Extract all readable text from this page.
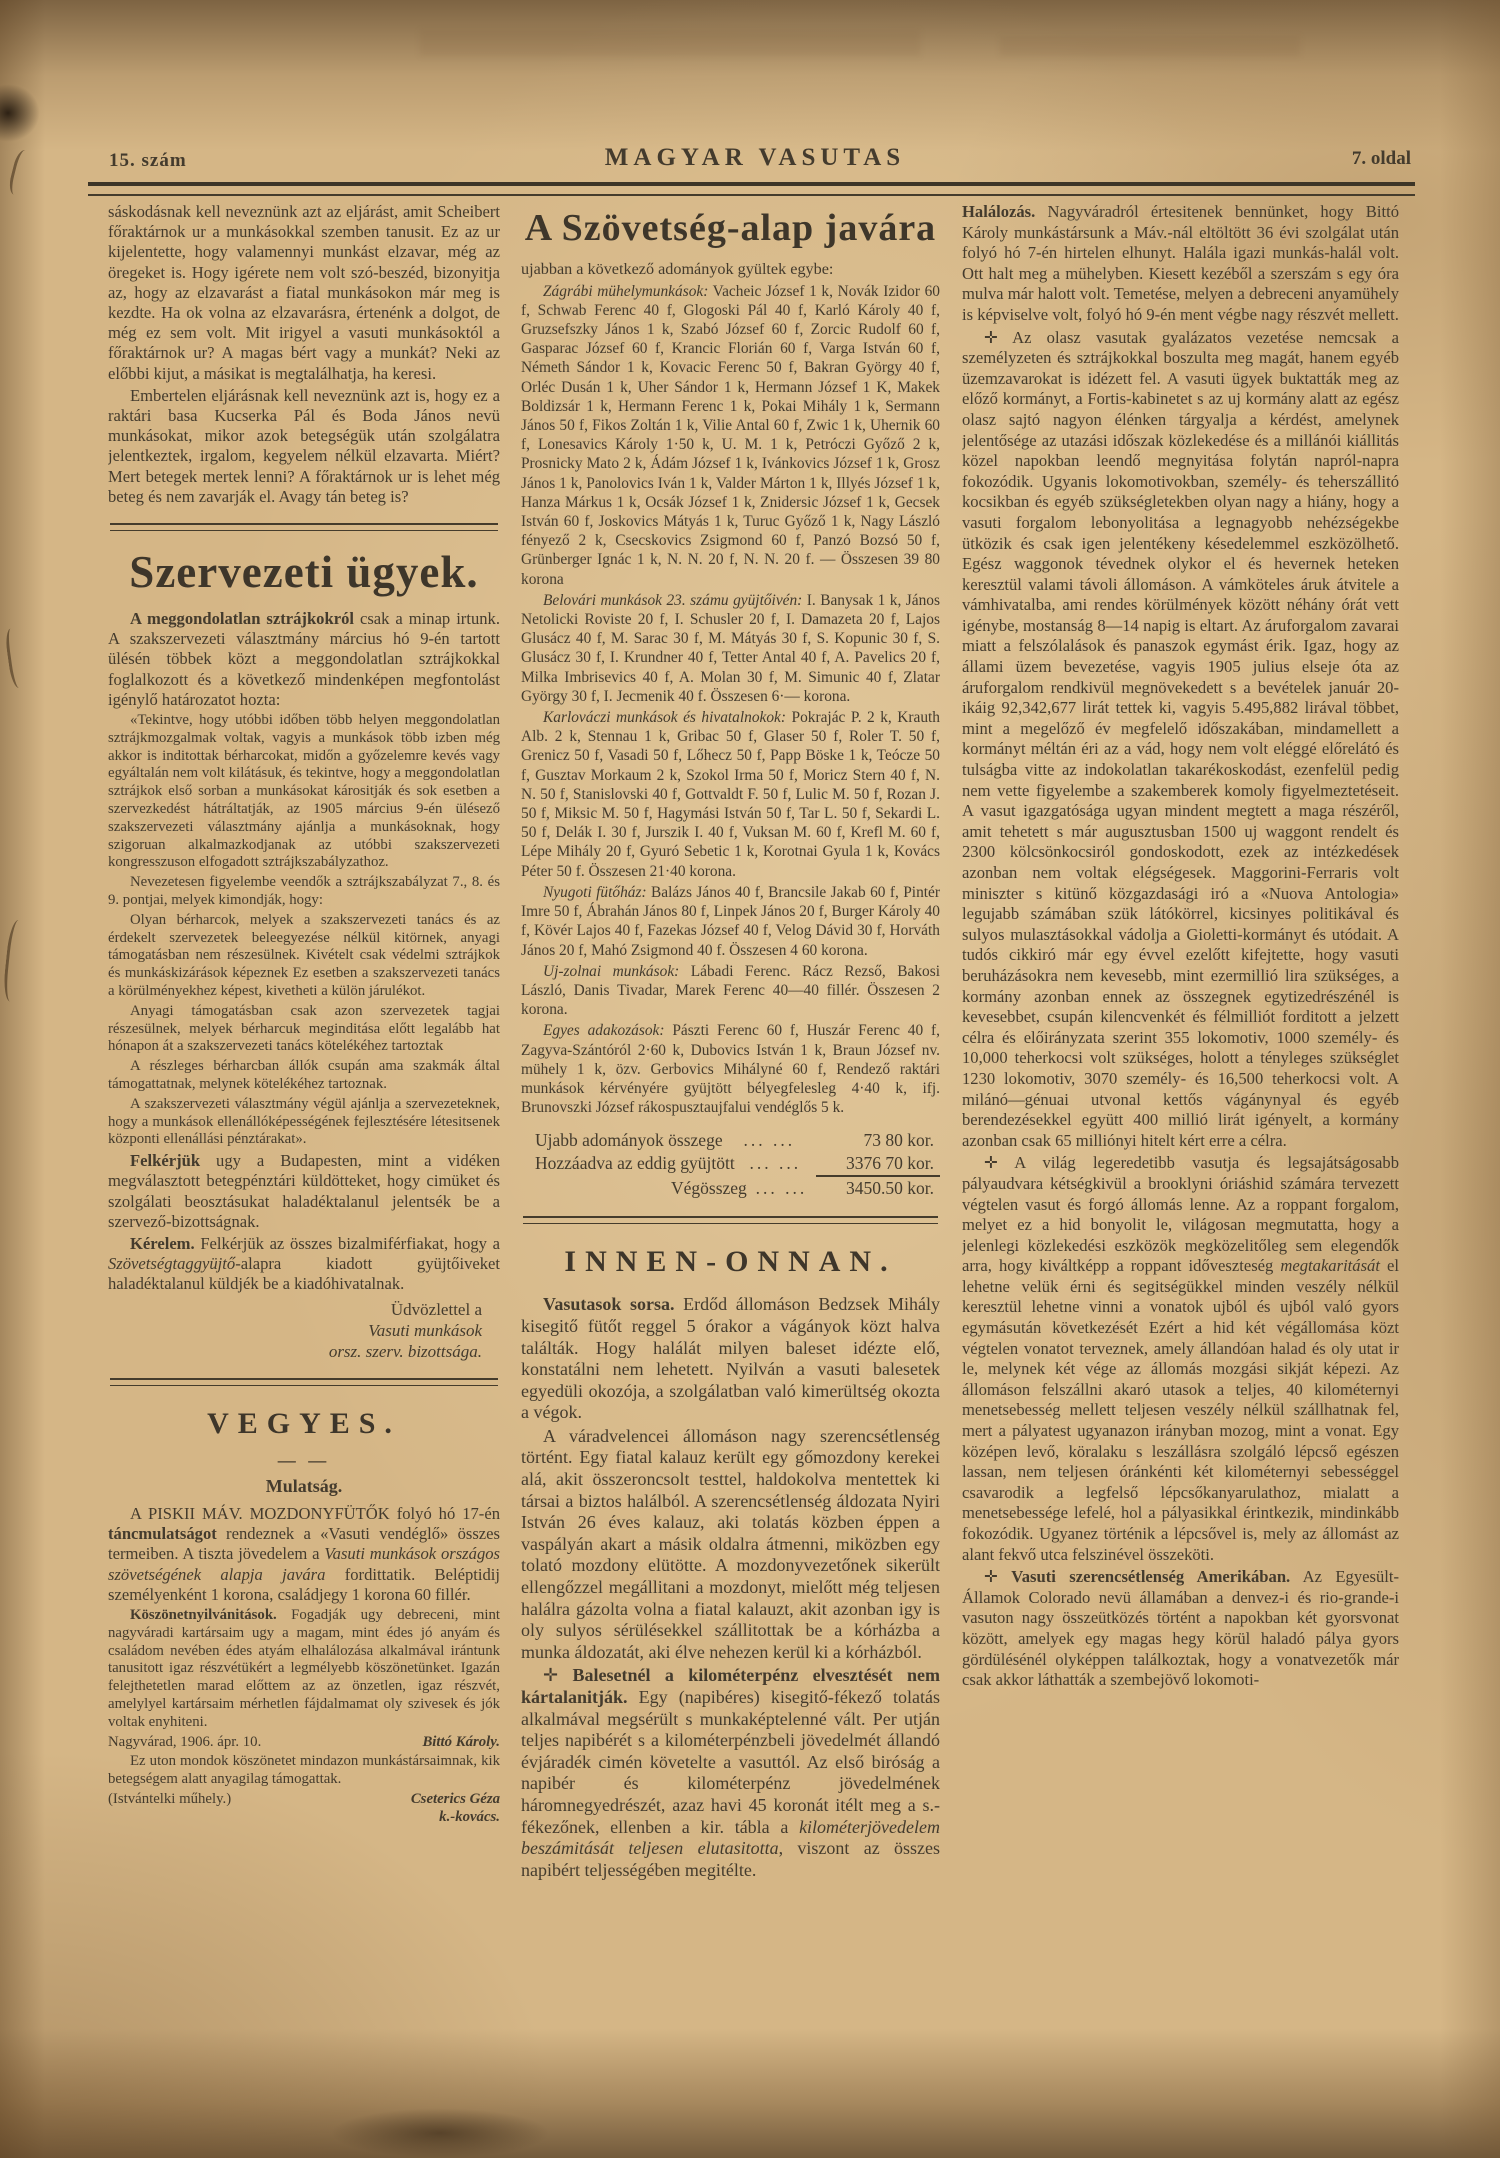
15. szám	MAGYAR VASUTAS	7. oldal

sáskodásnak kell neveznünk azt az eljárást, amit Scheibert főraktárnok ur a munkásokkal szemben tanusit. Ez az ur kijelentette, hogy valamennyi munkást elzavar, még az öregeket is. Hogy igérete nem volt szó-beszéd, bizonyitja az, hogy az elzavarást a fiatal munkásokon már meg is kezdte. Ha ok volna az elzavarásra, értenénk a dolgot, de még ez sem volt. Mit irigyel a vasuti munkásoktól a főraktárnok ur? A magas bért vagy a munkát? Neki az előbbi kijut, a másikat is megtalálhatja, ha keresi.

Embertelen eljárásnak kell neveznünk azt is, hogy ez a raktári basa Kucserka Pál és Boda János nevü munkásokat, mikor azok betegségük után szolgálatra jelentkeztek, irgalom, kegyelem nélkül elzavarta. Miért? Mert betegek mertek lenni? A főraktárnok ur is lehet még beteg és nem zavarják el. Avagy tán beteg is?

Szervezeti ügyek.

A meggondolatlan sztrájkokról csak a minap irtunk. A szakszervezeti választmány március hó 9-én tartott ülésén többek közt a meggondolatlan sztrájkokkal foglalkozott és a következő mindenképen megfontolást igénylő határozatot hozta:

«Tekintve, hogy utóbbi időben több helyen meggondolatlan sztrájkmozgalmak voltak, vagyis a munkások több izben még akkor is inditottak bérharcokat, midőn a győzelemre kevés vagy egyáltalán nem volt kilátásuk, és tekintve, hogy a meggondolatlan sztrájkok első sorban a munkásokat kárositják és sok esetben a szervezkedést hátráltatják, az 1905 március 9-én ülésező szakszervezeti választmány ajánlja a munkásoknak, hogy szigoruan alkalmazkodjanak az utóbbi szakszervezeti kongresszuson elfogadott sztrájkszabályzathoz.

Nevezetesen figyelembe veendők a sztrájkszabályzat 7., 8. és 9. pontjai, melyek kimondják, hogy:

Olyan bérharcok, melyek a szakszervezeti tanács és az érdekelt szervezetek beleegyezése nélkül kitörnek, anyagi támogatásban nem részesülnek. Kivételt csak védelmi sztrájkok és munkáskizárások képeznek Ez esetben a szakszervezeti tanács a körülményekhez képest, kivetheti a külön járulékot.

Anyagi támogatásban csak azon szervezetek tagjai részesülnek, melyek bérharcuk meginditása előtt legalább hat hónapon át a szakszervezeti tanács kötelékéhez tartoztak

A részleges bérharcban állók csupán ama szakmák által támogattatnak, melynek kötelékéhez tartoznak.

A szakszervezeti választmány végül ajánlja a szervezeteknek, hogy a munkások ellenállóképességének fejlesztésére létesitsenek központi ellenállási pénztárakat».

Felkérjük ugy a Budapesten, mint a vidéken megválasztott betegpénztári küldötteket, hogy cimüket és szolgálati beosztásukat haladéktalanul jelentsék be a szervező-bizottságnak.

Kérelem. Felkérjük az összes bizalmiférfiakat, hogy a Szövetségtaggyüjtő-alapra kiadott gyüjtőiveket haladéktalanul küldjék be a kiadóhivatalnak.

Üdvözlettel a
Vasuti munkások
orsz. szerv. bizottsága.
VEGYES.
— —
Mulatság.

A PISKII MÁV. MOZDONYFÜTŐK folyó hó 17-én táncmulatságot rendeznek a «Vasuti vendéglő» összes termeiben. A tiszta jövedelem a Vasuti munkások országos szövetségének alapja javára fordittatik. Beléptidij személyenként 1 korona, családjegy 1 korona 60 fillér.

Köszönetnyilvánitások. Fogadják ugy debreceni, mint nagyváradi kartársaim ugy a magam, mint édes jó anyám és családom nevében édes atyám elhalálozása alkalmával irántunk tanusitott igaz részvétükért a legmélyebb köszönetünket. Igazán felejthetetlen marad előttem az az önzetlen, igaz részvét, amelylyel kartársaim mérhetlen fájdalmamat oly szivesek és jók voltak enyhiteni.

Nagyvárad, 1906. ápr. 10.	Bittó Károly.

Ez uton mondok köszönetet mindazon munkástársaimnak, kik betegségem alatt anyagilag támogattak.

(Istvántelki műhely.)	Cseterics Géza
k.-kovács.
A Szövetség-alap javára

ujabban a következő adományok gyültek egybe:

Zágrábi mühelymunkások: Vacheic József 1 k, Novák Izidor 60 f, Schwab Ferenc 40 f, Glogoski Pál 40 f, Karló Károly 40 f, Gruzsefszky János 1 k, Szabó József 60 f, Zorcic Rudolf 60 f, Gasparac József 60 f, Krancic Florián 60 f, Varga István 60 f, Németh Sándor 1 k, Kovacic Ferenc 50 f, Bakran György 40 f, Orléc Dusán 1 k, Uher Sándor 1 k, Hermann József 1 K, Makek Boldizsár 1 k, Hermann Ferenc 1 k, Pokai Mihály 1 k, Sermann János 50 f, Fikos Zoltán 1 k, Vilie Antal 60 f, Zwic 1 k, Uhernik 60 f, Lonesavics Károly 1·50 k, U. M. 1 k, Petróczi Győző 2 k, Prosnicky Mato 2 k, Ádám József 1 k, Ivánkovics József 1 k, Grosz János 1 k, Panolovics Iván 1 k, Valder Márton 1 k, Illyés József 1 k, Hanza Márkus 1 k, Ocsák József 1 k, Znidersic József 1 k, Gecsek István 60 f, Joskovics Mátyás 1 k, Turuc Győző 1 k, Nagy László fényező 2 k, Csecskovics Zsigmond 60 f, Panzó Bozsó 50 f, Grünberger Ignác 1 k, N. N. 20 f, N. N. 20 f. — Összesen 39 80 korona

Belovári munkások 23. számu gyüjtőivén: I. Banysak 1 k, János Netolicki Roviste 20 f, I. Schusler 20 f, I. Damazeta 20 f, Lajos Glusácz 40 f, M. Sarac 30 f, M. Mátyás 30 f, S. Kopunic 30 f, S. Glusácz 30 f, I. Krundner 40 f, Tetter Antal 40 f, A. Pavelics 20 f, Milka Imbrisevics 40 f, A. Molan 30 f, M. Simunic 40 f, Zlatar György 30 f, I. Jecmenik 40 f. Összesen 6·— korona.

Karlováczi munkások és hivatalnokok: Pokrajác P. 2 k, Krauth Alb. 2 k, Stennau 1 k, Gribac 50 f, Glaser 50 f, Roler T. 50 f, Grenicz 50 f, Vasadi 50 f, Lőhecz 50 f, Papp Böske 1 k, Teócze 50 f, Gusztav Morkaum 2 k, Szokol Irma 50 f, Moricz Stern 40 f, N. N. 50 f, Stanislovski 40 f, Gottvaldt F. 50 f, Lulic M. 50 f, Rozan J. 50 f, Miksic M. 50 f, Hagymási István 50 f, Tar L. 50 f, Sekardi L. 50 f, Delák I. 30 f, Jurszik I. 40 f, Vuksan M. 60 f, Krefl M. 60 f, Lépe Mihály 20 f, Gyuró Sebetic 1 k, Korotnai Gyula 1 k, Kovács Péter 50 f. Összesen 21·40 korona.

Nyugoti fütőház: Balázs János 40 f, Brancsile Jakab 60 f, Pintér Imre 50 f, Ábrahán János 80 f, Linpek János 20 f, Burger Károly 40 f, Kövér Lajos 40 f, Fazekas József 40 f, Velog Dávid 30 f, Horváth János 20 f, Mahó Zsigmond 40 f. Összesen 4 60 korona.

Uj-zolnai munkások: Lábadi Ferenc. Rácz Rezső, Bakosi László, Danis Tivadar, Marek Ferenc 40—40 fillér. Összesen 2 korona.

Egyes adakozások: Pászti Ferenc 60 f, Huszár Ferenc 40 f, Zagyva-Szántóról 2·60 k, Dubovics István 1 k, Braun József nv. mühely 1 k, özv. Gerbovics Mihályné 60 f, Rendező raktári munkások kérvényére gyüjtött bélyegfelesleg 4·40 k, ifj. Brunovszki József rákospusztaujfalui vendéglős 5 k.

Ujabb adományok összege	... ...	73 80 kor.
Hozzáadva az eddig gyüjtött ... ...	3376 70 kor.
Végösszeg ... ...	3450.50 kor.
INNEN-ONNAN.

Vasutasok sorsa. Erdőd állomáson Bedzsek Mihály kisegitő fütőt reggel 5 órakor a vágányok közt halva találták. Hogy halálát milyen baleset idézte elő, konstatálni nem lehetett. Nyilván a vasuti balesetek egyedüli okozója, a szolgálatban való kimerültség okozta a végok.

A váradvelencei állomáson nagy szerencsétlenség történt. Egy fiatal kalauz került egy gőmozdony kerekei alá, akit összeroncsolt testtel, haldokolva mentettek ki társai a biztos halálból. A szerencsétlenség áldozata Nyiri István 26 éves kalauz, aki tolatás közben éppen a vaspályán akart a másik oldalra átmenni, miközben egy tolató mozdony elütötte. A mozdonyvezetőnek sikerült ellengőzzel megállitani a mozdonyt, mielőtt még teljesen halálra gázolta volna a fiatal kalauzt, akit azonban igy is oly sulyos sérülésekkel szállitottak be a kórházba a munka áldozatát, aki élve nehezen kerül ki a kórházból.

✛ Balesetnél a kilométerpénz elvesztését nem kártalanitják. Egy (napibéres) kisegitő-fékező tolatás alkalmával megsérült s munkaképtelenné vált. Per utján teljes napibérét s a kilométerpénzbeli jövedelmét állandó évjáradék cimén követelte a vasuttól. Az első biróság a napibér és kilométerpénz jövedelmének háromnegyedrészét, azaz havi 45 koronát itélt meg a s.-fékezőnek, ellenben a kir. tábla a kilométerjövedelem beszámitását teljesen elutasitotta, viszont az összes napibért teljességében megitélte.

Halálozás. Nagyváradról értesitenek bennünket, hogy Bittó Károly munkástársunk a Máv.-nál eltöltött 36 évi szolgálat után folyó hó 7-én hirtelen elhunyt. Halála igazi munkás-halál volt. Ott halt meg a mühelyben. Kiesett kezéből a szerszám s egy óra mulva már halott volt. Temetése, melyen a debreceni anyamühely is képviselve volt, folyó hó 9-én ment végbe nagy részvét mellett.

✛ Az olasz vasutak gyalázatos vezetése nemcsak a személyzeten és sztrájkokkal boszulta meg magát, hanem egyéb üzemzavarokat is idézett fel. A vasuti ügyek buktatták meg az előző kormányt, a Fortis-kabinetet s az uj kormány alatt az egész olasz sajtó nagyon élénken tárgyalja a kérdést, amelynek jelentősége az utazási időszak közlekedése és a millánói kiállitás közel napokban leendő megnyitása folytán napról-napra fokozódik. Ugyanis lokomotivokban, személy- és teherszállitó kocsikban és egyéb szükségletekben olyan nagy a hiány, hogy a vasuti forgalom lebonyolitása a legnagyobb nehézségekbe ütközik és csak igen jelentékeny késedelemmel eszközölhető. Egész waggonok tévednek olykor el és hevernek heteken keresztül valami távoli állomáson. A vámköteles áruk átvitele a vámhivatalba, ami rendes körülmények között néhány órát vett igénybe, mostanság 8—14 napig is eltart. Az áruforgalom zavarai miatt a felszólalások és panaszok egymást érik. Igaz, hogy az állami üzem bevezetése, vagyis 1905 julius elseje óta az áruforgalom rendkivül megnövekedett s a bevételek január 20-ikáig 92,342,677 lirát tettek ki, vagyis 5.495,882 lirával többet, mint a megelőző év megfelelő időszakában, mindamellett a kormányt méltán éri az a vád, hogy nem volt eléggé előrelátó és tulságba vitte az indokolatlan takarékoskodást, ezenfelül pedig nem vette figyelembe a szakemberek komoly figyelmeztetéseit. A vasut igazgatósága ugyan mindent megtett a maga részéről, amit tehetett s már augusztusban 1500 uj waggont rendelt és 2300 kölcsönkocsiról gondoskodott, ezek az intézkedések azonban nem voltak elégségesek. Maggorini-Ferraris volt miniszter s kitünő közgazdasági iró a «Nuova Antologia» legujabb számában szük látókörrel, kicsinyes politikával és sulyos mulasztásokkal vádolja a Gioletti-kormányt és utódait. A tudós cikkiró már egy évvel ezelőtt kifejtette, hogy vasuti beruházásokra nem kevesebb, mint ezermillió lira szükséges, a kormány azonban ennek az összegnek egytizedrészénél is kevesebbet, csupán kilencvenkét és félmilliót forditott a jelzett célra és előirányzata szerint 355 lokomotiv, 1000 személy- és 10,000 teherkocsi volt szükséges, holott a tényleges szükséglet 1230 lokomotiv, 3070 személy- és 16,500 teherkocsi volt. A milánó—génuai utvonal kettős vágánynyal és egyéb berendezésekkel együtt 400 millió lirát igényelt, a kormány azonban csak 65 milliónyi hitelt kért erre a célra.

✛ A világ legeredetibb vasutja és legsajátságosabb pályaudvara kétségkivül a brooklyni óriáshid számára tervezett végtelen vasut és forgó állomás lenne. Az a roppant forgalom, melyet ez a hid bonyolit le, világosan megmutatta, hogy a jelenlegi közlekedési eszközök megközelitőleg sem elegendők arra, hogy kiváltképp a roppant időveszteség megtakaritását el lehetne velük érni és segitségükkel minden veszély nélkül keresztül lehetne vinni a vonatok ujból és ujból való gyors egymásután következését Ezért a hid két végállomása közt végtelen vonatot terveznek, amely állandóan halad és oly utat ir le, melynek két vége az állomás mozgási sikját képezi. Az állomáson felszállni akaró utasok a teljes, 40 kilométernyi menetsebesség mellett teljesen veszély nélkül szállhatnak fel, mert a pályatest ugyanazon irányban mozog, mint a vonat. Egy középen levő, köralaku s leszállásra szolgáló lépcső egészen lassan, nem teljesen óránkénti két kilométernyi sebességgel csavarodik a legfelső lépcsőkanyarulathoz, mialatt a menetsebessége lefelé, hol a pályasikkal érintkezik, mindinkább fokozódik. Ugyanez történik a lépcsővel is, mely az állomást az alant fekvő utca felszinével összeköti.

✛ Vasuti szerencsétlenség Amerikában. Az Egyesült-Államok Colorado nevü államában a denvez-i és rio-grande-i vasuton nagy összeütközés történt a napokban két gyorsvonat között, amelyek egy magas hegy körül haladó pálya gyors gördülésénél olyképpen találkoztak, hogy a vonatvezetők már csak akkor láthatták a szembejövő lokomoti-
